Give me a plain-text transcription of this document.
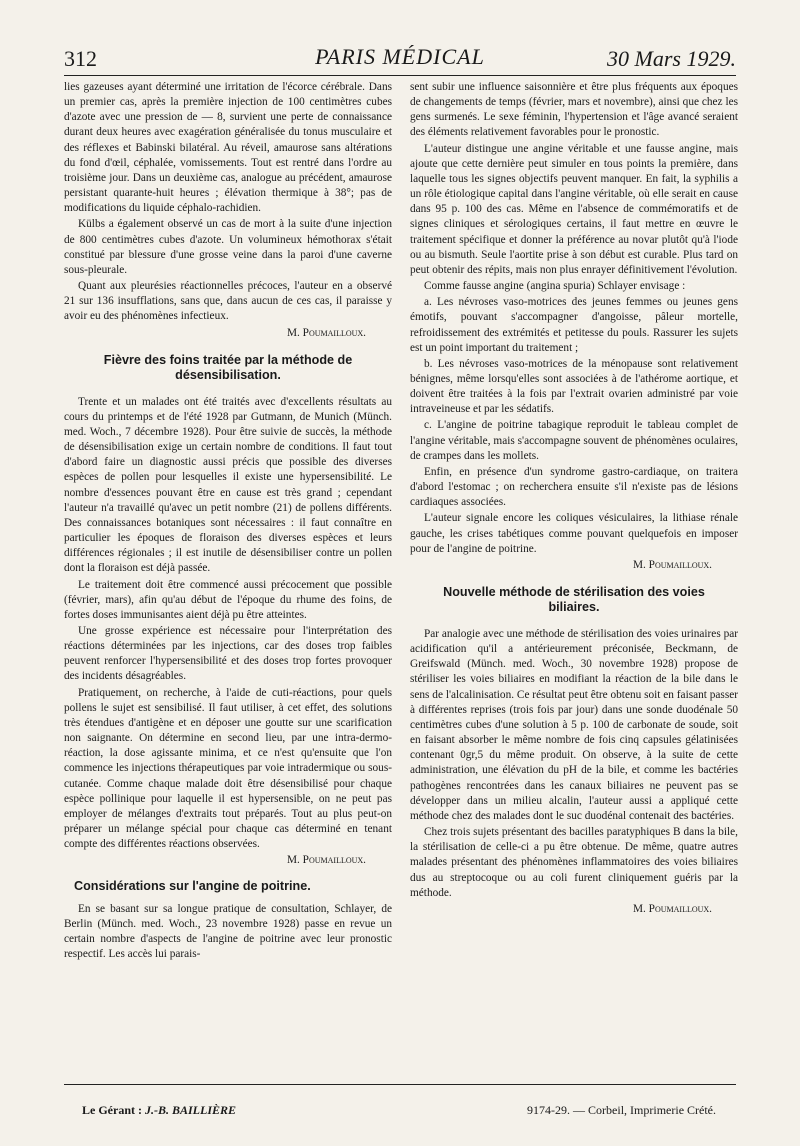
312	PARIS MÉDICAL	30 Mars 1929.

lies gazeuses ayant déterminé une irritation de l'écorce cérébrale. Dans un premier cas, après la première injection de 100 centimètres cubes d'azote avec une pression de — 8, survient une perte de connaissance durant deux heures avec exagération généralisée du tonus musculaire et des réflexes et Babinski bilatéral. Au réveil, amaurose sans altérations du fond d'œil, céphalée, vomissements. Tout est rentré dans l'ordre au troisième jour. Dans un deuxième cas, analogue au précédent, amaurose persistant quarante-huit heures ; élévation thermique à 38°; pas de modifications du liquide céphalo-rachidien.

Külbs a également observé un cas de mort à la suite d'une injection de 800 centimètres cubes d'azote. Un volumineux hémothorax s'était constitué par blessure d'une grosse veine dans la paroi d'une caverne sous-pleurale.

Quant aux pleurésies réactionnelles précoces, l'auteur en a observé 21 sur 136 insufflations, sans que, dans aucun de ces cas, il paraisse y avoir eu des phénomènes infectieux.

M. Poumailloux.
Fièvre des foins traitée par la méthode de désensibilisation.

Trente et un malades ont été traités avec d'excellents résultats au cours du printemps et de l'été 1928 par Gutmann, de Munich (Münch. med. Woch., 7 décembre 1928). Pour être suivie de succès, la méthode de désensibilisation exige un certain nombre de conditions. Il faut tout d'abord faire un diagnostic aussi précis que possible des diverses espèces de pollen pour lesquelles il existe une hypersensibilité. Le nombre d'essences pouvant être en cause est très grand ; cependant l'auteur n'a travaillé qu'avec un petit nombre (21) de pollens différents. Des connaissances botaniques sont nécessaires : il faut connaître en particulier les époques de floraison des diverses espèces et leurs différences régionales ; il est inutile de désensibiliser contre un pollen dont la floraison est déjà passée.

Le traitement doit être commencé aussi précocement que possible (février, mars), afin qu'au début de l'époque du rhume des foins, de fortes doses immunisantes aient déjà pu être atteintes.

Une grosse expérience est nécessaire pour l'interprétation des réactions déterminées par les injections, car des doses trop faibles peuvent renforcer l'hypersensibilité et des doses trop fortes provoquer des incidents désagréables.

Pratiquement, on recherche, à l'aide de cuti-réactions, pour quels pollens le sujet est sensibilisé. Il faut utiliser, à cet effet, des solutions très étendues d'antigène et en déposer une goutte sur une scarification non saignante. On détermine en second lieu, par une intra-dermo-réaction, la dose agissante minima, et ce n'est qu'ensuite que l'on commence les injections thérapeutiques par voie intradermique ou sous-cutanée. Comme chaque malade doit être désensibilisé pour chaque espèce pollinique pour laquelle il est hypersensible, on ne peut pas employer de mélanges d'extraits tout préparés. Tout au plus peut-on préparer un mélange spécial pour chaque cas déterminé en tenant compte des différentes réactions observées.

M. Poumailloux.
Considérations sur l'angine de poitrine.

En se basant sur sa longue pratique de consultation, Schlayer, de Berlin (Münch. med. Woch., 23 novembre 1928) passe en revue un certain nombre d'aspects de l'angine de poitrine avec leur pronostic respectif. Les accès lui parais-

sent subir une influence saisonnière et être plus fréquents aux époques de changements de temps (février, mars et novembre), ainsi que chez les gens surmenés. Le sexe féminin, l'hypertension et l'âge avancé seraient des éléments relativement favorables pour le pronostic.

L'auteur distingue une angine véritable et une fausse angine, mais ajoute que cette dernière peut simuler en tous points la première, dans laquelle tous les signes objectifs peuvent manquer. En fait, la syphilis a un rôle étiologique capital dans l'angine véritable, où elle serait en cause dans 95 p. 100 des cas. Même en l'absence de commémoratifs et de signes cliniques et sérologiques certains, il faut mettre en œuvre le traitement spécifique et donner la préférence au novar plutôt qu'à l'iode ou au bismuth. Seule l'aortite prise à son début est curable. Plus tard on peut obtenir des répits, mais non plus enrayer définitivement l'évolution.

Comme fausse angine (angina spuria) Schlayer envisage :

a. Les névroses vaso-motrices des jeunes femmes ou jeunes gens émotifs, pouvant s'accompagner d'angoisse, pâleur mortelle, refroidissement des extrémités et petitesse du pouls. Rassurer les sujets est un point important du traitement ;

b. Les névroses vaso-motrices de la ménopause sont relativement bénignes, même lorsqu'elles sont associées à de l'athérome aortique, et doivent être traitées à la fois par l'extrait ovarien administré par voie intraveineuse et par les sédatifs.

c. L'angine de poitrine tabagique reproduit le tableau complet de l'angine véritable, mais s'accompagne souvent de phénomènes oculaires, de crampes dans les mollets.

Enfin, en présence d'un syndrome gastro-cardiaque, on traitera d'abord l'estomac ; on recherchera ensuite s'il n'existe pas de lésions cardiaques associées.

L'auteur signale encore les coliques vésiculaires, la lithiase rénale gauche, les crises tabétiques comme pouvant quelquefois en imposer pour de l'angine de poitrine.

M. Poumailloux.
Nouvelle méthode de stérilisation des voies biliaires.

Par analogie avec une méthode de stérilisation des voies urinaires par acidification qu'il a antérieurement préconisée, Beckmann, de Greifswald (Münch. med. Woch., 30 novembre 1928) propose de stériliser les voies biliaires en modifiant la réaction de la bile dans le sens de l'alcalinisation. Ce résultat peut être obtenu soit en faisant passer à différentes reprises (trois fois par jour) dans une sonde duodénale 50 centimètres cubes d'une solution à 5 p. 100 de carbonate de soude, soit en faisant absorber le même nombre de fois cinq capsules gélatinisées contenant 0gr,5 du même produit. On observe, à la suite de cette administration, une élévation du pH de la bile, et comme les bactéries pathogènes rencontrées dans les canaux biliaires ne peuvent pas se développer dans un milieu alcalin, l'auteur aussi a appliqué cette méthode chez des malades dont le suc duodénal contenait des bactéries.

Chez trois sujets présentant des bacilles paratyphiques B dans la bile, la stérilisation de celle-ci a pu être obtenue. De même, quatre autres malades présentant des phénomènes inflammatoires des voies biliaires dus au streptocoque ou au coli furent cliniquement guéris par la méthode.

M. Poumailloux.
Le Gérant : J.-B. BAILLIÈRE	9174-29. — Corbeil, Imprimerie Crété.
